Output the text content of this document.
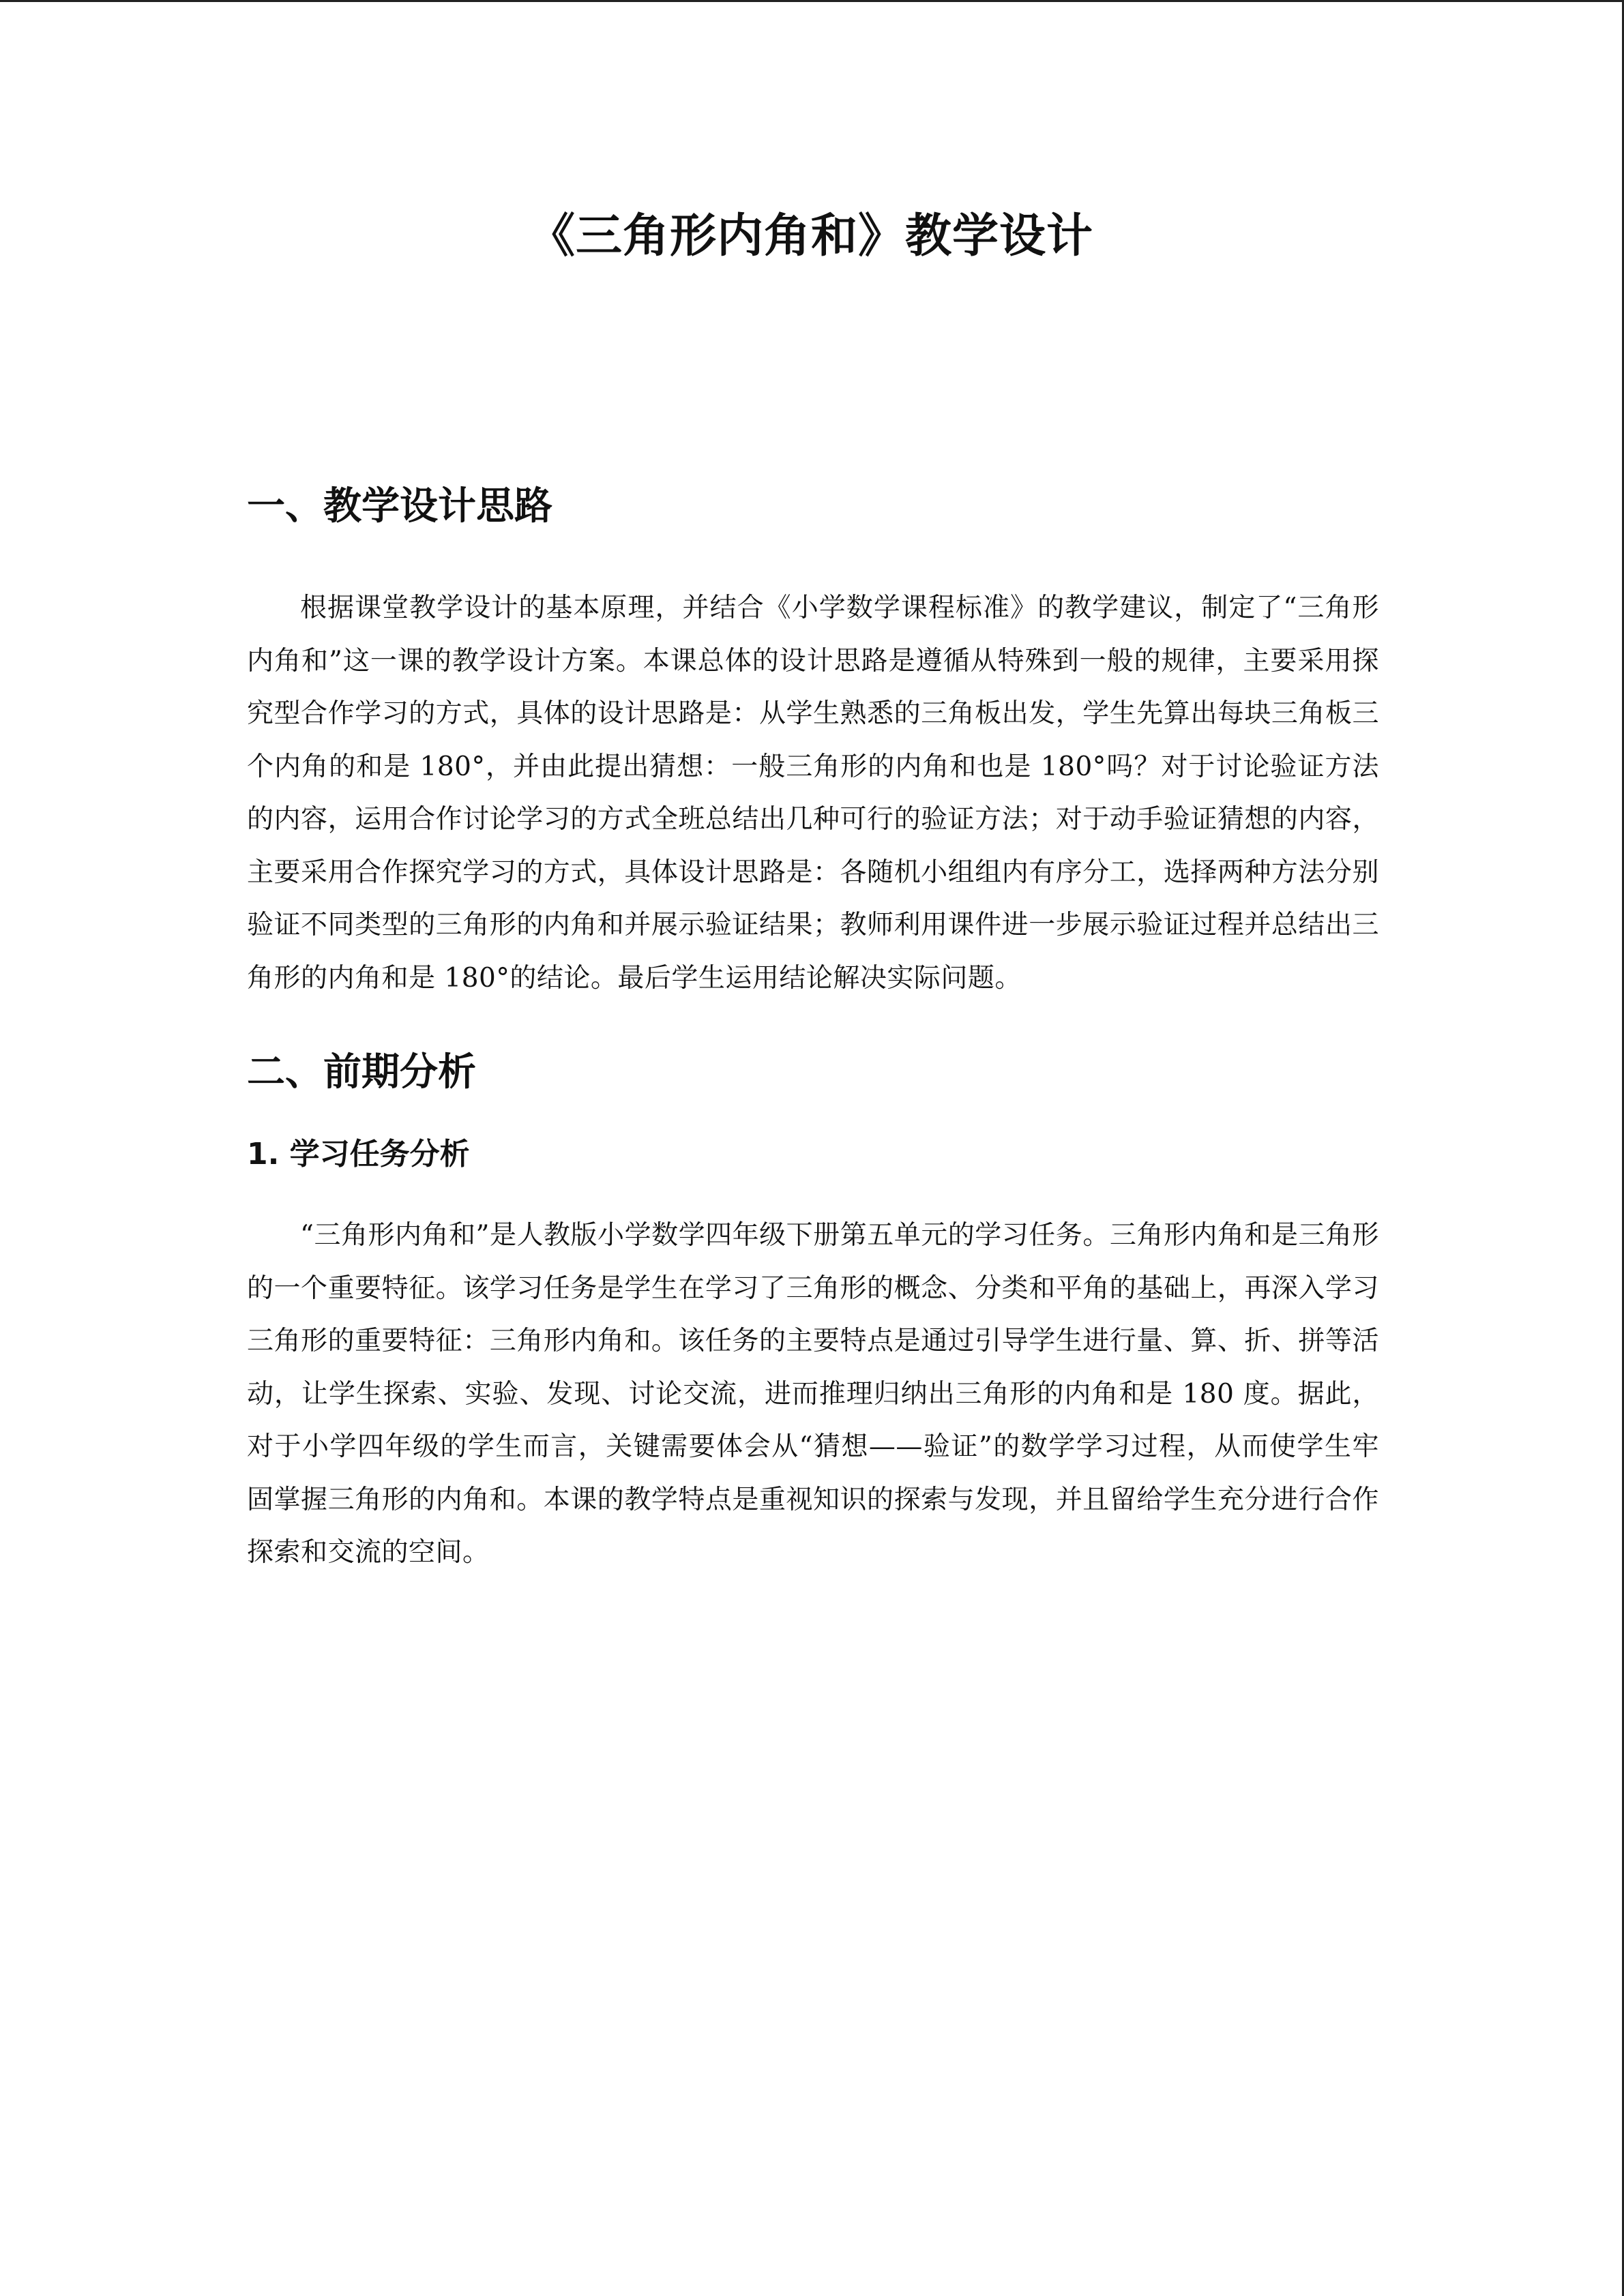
《三角形内角和》教学设计
一、教学设计思路

根据课堂教学设计的基本原理，并结合《小学数学课程标准》的教学建议，制定了“三角形内角和”这一课的教学设计方案。本课总体的设计思路是遵循从特殊到一般的规律，主要采用探究型合作学习的方式，具体的设计思路是：从学生熟悉的三角板出发，学生先算出每块三角板三个内角的和是 180°，并由此提出猜想：一般三角形的内角和也是 180°吗？对于讨论验证方法的内容，运用合作讨论学习的方式全班总结出几种可行的验证方法；对于动手验证猜想的内容，主要采用合作探究学习的方式，具体设计思路是：各随机小组组内有序分工，选择两种方法分别验证不同类型的三角形的内角和并展示验证结果；教师利用课件进一步展示验证过程并总结出三角形的内角和是 180°的结论。最后学生运用结论解决实际问题。

二、前期分析
1. 学习任务分析

“三角形内角和”是人教版小学数学四年级下册第五单元的学习任务。三角形内角和是三角形的一个重要特征。该学习任务是学生在学习了三角形的概念、分类和平角的基础上，再深入学习三角形的重要特征：三角形内角和。该任务的主要特点是通过引导学生进行量、算、折、拼等活动，让学生探索、实验、发现、讨论交流，进而推理归纳出三角形的内角和是 180 度。据此，对于小学四年级的学生而言，关键需要体会从“猜想——验证”的数学学习过程，从而使学生牢固掌握三角形的内角和。本课的教学特点是重视知识的探索与发现，并且留给学生充分进行合作探索和交流的空间。
